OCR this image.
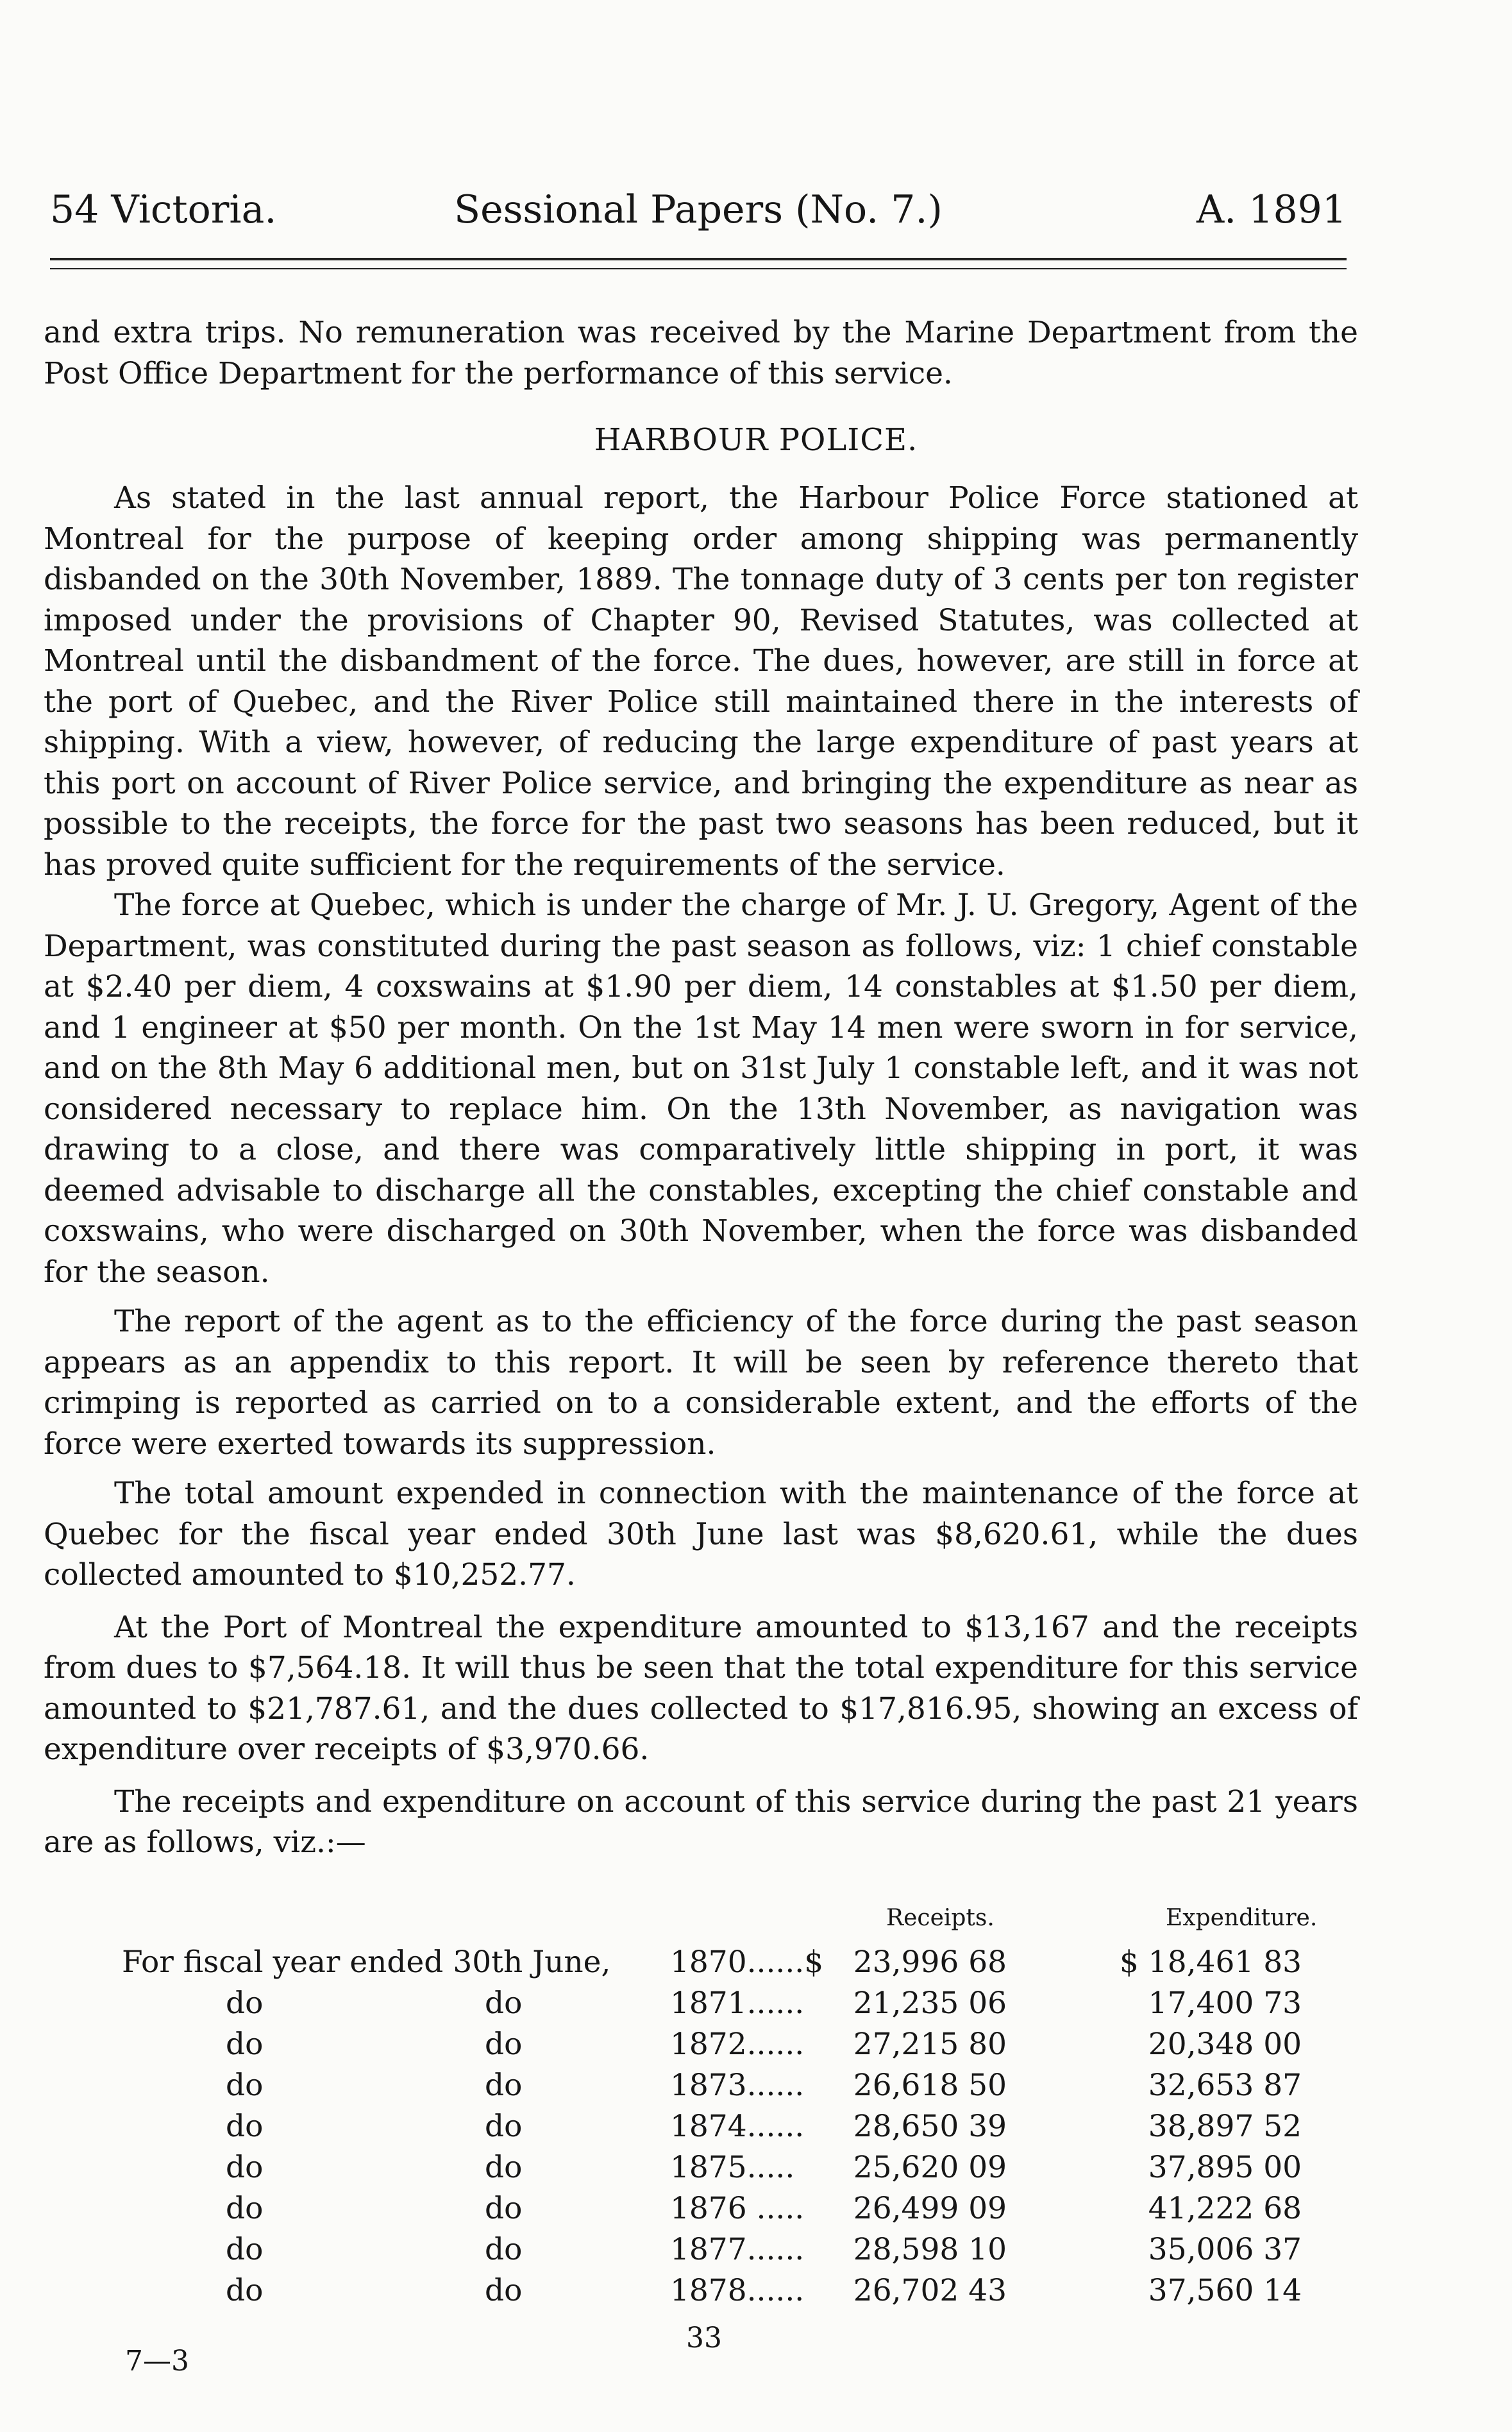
54 Victoria.	Sessional Papers (No. 7.)	A. 1891

and extra trips. No remuneration was received by the Marine Department from the Post Office Department for the performance of this service.

HARBOUR POLICE.

As stated in the last annual report, the Harbour Police Force stationed at Montreal for the purpose of keeping order among shipping was permanently disbanded on the 30th November, 1889. The tonnage duty of 3 cents per ton register imposed under the provisions of Chapter 90, Revised Statutes, was collected at Montreal until the disbandment of the force. The dues, however, are still in force at the port of Quebec, and the River Police still maintained there in the interests of shipping. With a view, however, of reducing the large expenditure of past years at this port on account of River Police service, and bringing the expenditure as near as possible to the receipts, the force for the past two seasons has been reduced, but it has proved quite sufficient for the requirements of the service.

The force at Quebec, which is under the charge of Mr. J. U. Gregory, Agent of the Department, was constituted during the past season as follows, viz: 1 chief constable at $2.40 per diem, 4 coxswains at $1.90 per diem, 14 constables at $1.50 per diem, and 1 engineer at $50 per month. On the 1st May 14 men were sworn in for service, and on the 8th May 6 additional men, but on 31st July 1 constable left, and it was not considered necessary to replace him. On the 13th November, as navigation was drawing to a close, and there was comparatively little shipping in port, it was deemed advisable to discharge all the constables, excepting the chief constable and coxswains, who were discharged on 30th November, when the force was disbanded for the season.

The report of the agent as to the efficiency of the force during the past season appears as an appendix to this report. It will be seen by reference thereto that crimping is reported as carried on to a considerable extent, and the efforts of the force were exerted towards its suppression.

The total amount expended in connection with the maintenance of the force at Quebec for the fiscal year ended 30th June last was $8,620.61, while the dues collected amounted to $10,252.77.

At the Port of Montreal the expenditure amounted to $13,167 and the receipts from dues to $7,564.18. It will thus be seen that the total expenditure for this service amounted to $21,787.61, and the dues collected to $17,816.95, showing an excess of expenditure over receipts of $3,970.66.

The receipts and expenditure on account of this service during the past 21 years are as follows, viz.:—

Receipts.	Expenditure.
For fiscal year ended 30th June, 1870......$ 23,996 68	$ 18,461 83
do	do	1871...... 21,235 06	17,400 73
do	do	1872...... 27,215 80	20,348 00
do	do	1873...... 26,618 50	32,653 87
do	do	1874...... 28,650 39	38,897 52
do	do	1875..... 25,620 09	37,895 00
do	do	1876 ..... 26,499 09	41,222 68
do	do	1877...... 28,598 10	35,006 37
do	do	1878...... 26,702 43	37,560 14
7—3
33
